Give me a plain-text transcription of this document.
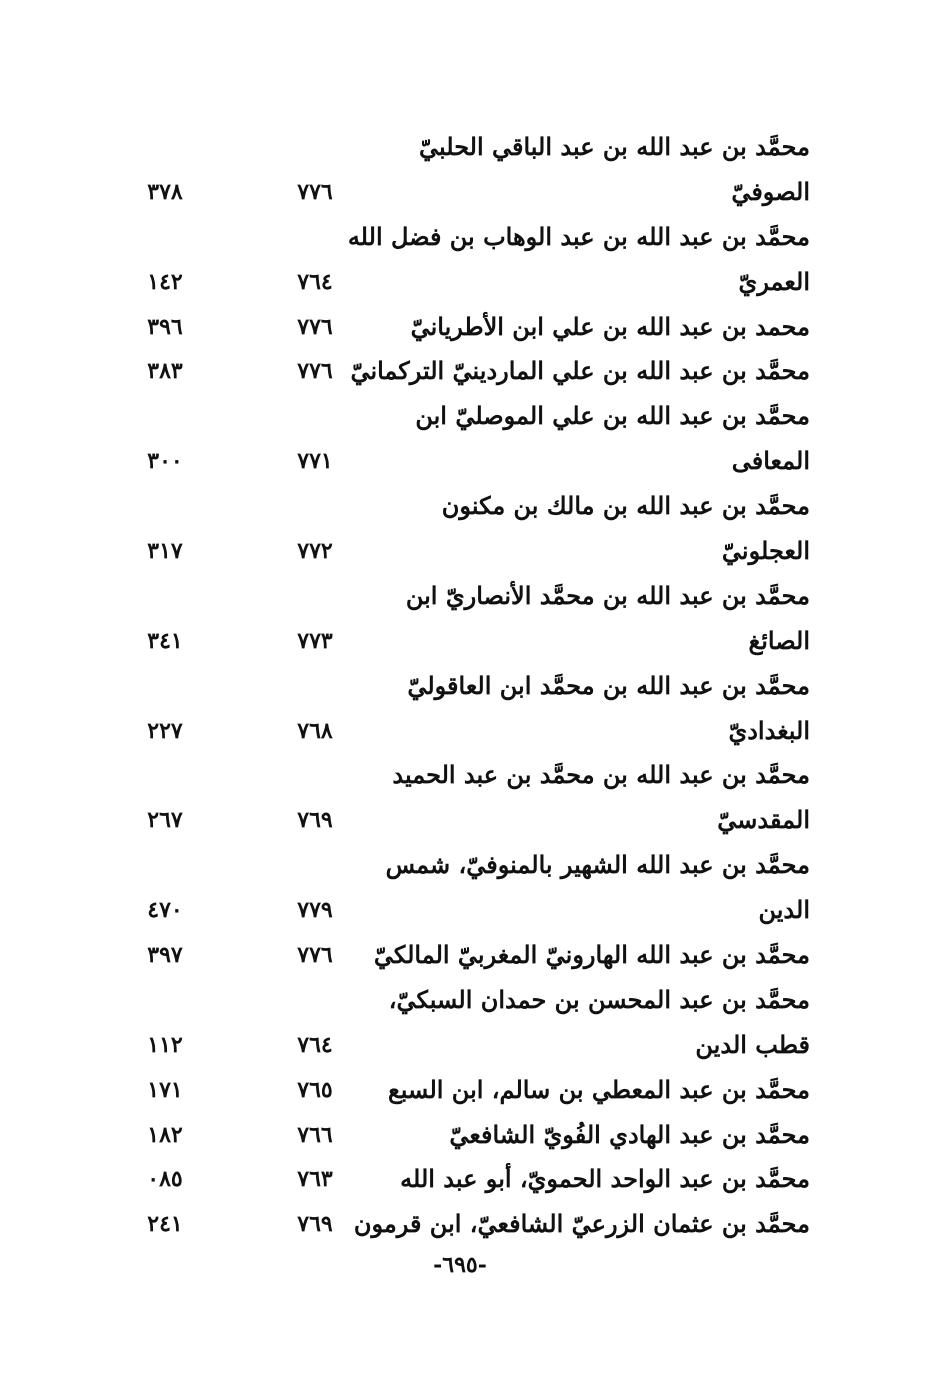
محمَّد بن عبد الله بن عبد الباقي الحلبيّ
الصوفيّ
٧٧٦
٣٧٨
محمَّد بن عبد الله بن عبد الوهاب بن فضل الله
العمريّ
٧٦٤
١٤٢
محمد بن عبد الله بن علي ابن الأطريانيّ
٧٧٦
٣٩٦
محمَّد بن عبد الله بن علي الماردينيّ التركمانيّ
٧٧٦
٣٨٣
محمَّد بن عبد الله بن علي الموصليّ ابن
المعافى
٧٧١
٣٠٠
محمَّد بن عبد الله بن مالك بن مكنون
العجلونيّ
٧٧٢
٣١٧
محمَّد بن عبد الله بن محمَّد الأنصاريّ ابن
الصائغ
٧٧٣
٣٤١
محمَّد بن عبد الله بن محمَّد ابن العاقوليّ
البغداديّ
٧٦٨
٢٢٧
محمَّد بن عبد الله بن محمَّد بن عبد الحميد
المقدسيّ
٧٦٩
٢٦٧
محمَّد بن عبد الله الشهير بالمنوفيّ، شمس
الدين
٧٧٩
٤٧٠
محمَّد بن عبد الله الهارونيّ المغربيّ المالكيّ
٧٧٦
٣٩٧
محمَّد بن عبد المحسن بن حمدان السبكيّ،
قطب الدين
٧٦٤
١١٢
محمَّد بن عبد المعطي بن سالم، ابن السبع
٧٦٥
١٧١
محمَّد بن عبد الهادي الفُويّ الشافعيّ
٧٦٦
١٨٢
محمَّد بن عبد الواحد الحمويّ، أبو عبد الله
٧٦٣
٠٨٥
محمَّد بن عثمان الزرعيّ الشافعيّ، ابن قرمون
٧٦٩
٢٤١
-٦٩٥-
